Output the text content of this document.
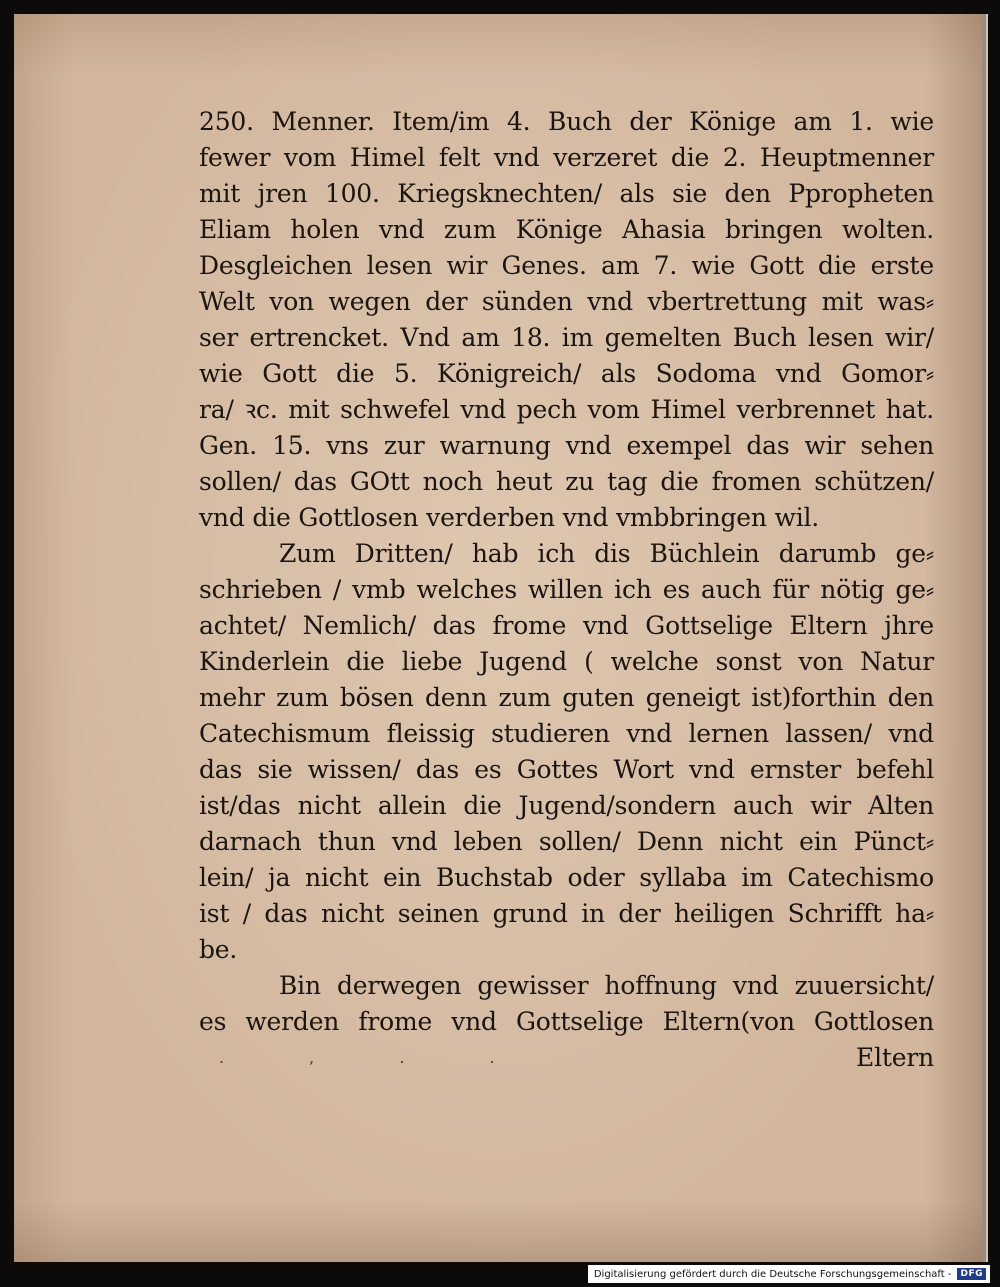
250. Menner. Item/im 4. Buch der Könige am 1. wie
fewer vom Himel felt vnd verzeret die 2. Heuptmenner
mit jren 100. Kriegsknechten/ als sie den Ppropheten
Eliam holen vnd zum Könige Ahasia bringen wolten.
Desgleichen lesen wir Genes. am 7. wie Gott die erste
Welt von wegen der sünden vnd vbertrettung mit was⸗
ser ertrencket. Vnd am 18. im gemelten Buch lesen wir/
wie Gott die 5. Königreich/ als Sodoma vnd Gomor⸗
ra/ ꝛc. mit schwefel vnd pech vom Himel verbrennet hat.
Gen. 15. vns zur warnung vnd exempel das wir sehen
sollen/ das GOtt noch heut zu tag die fromen schützen/
vnd die Gottlosen verderben vnd vmbbringen wil.
Zum Dritten/ hab ich dis Büchlein darumb ge⸗
schrieben / vmb welches willen ich es auch für nötig ge⸗
achtet/ Nemlich/ das frome vnd Gottselige Eltern jhre
Kinderlein die liebe Jugend ( welche sonst von Natur
mehr zum bösen denn zum guten geneigt ist)forthin den
Catechismum fleissig studieren vnd lernen lassen/ vnd
das sie wissen/ das es Gottes Wort vnd ernster befehl
ist/das nicht allein die Jugend/sondern auch wir Alten
darnach thun vnd leben sollen/ Denn nicht ein Pünct⸗
lein/ ja nicht ein Buchstab oder syllaba im Catechismo
ist / das nicht seinen grund in der heiligen Schrifft ha⸗
be.
Bin derwegen gewisser hoffnung vnd zuuersicht/
es werden frome vnd Gottselige Eltern(von Gottlosen
. , . .	Eltern
Digitalisierung gefördert durch die Deutsche Forschungsgemeinschaft -	DFG
